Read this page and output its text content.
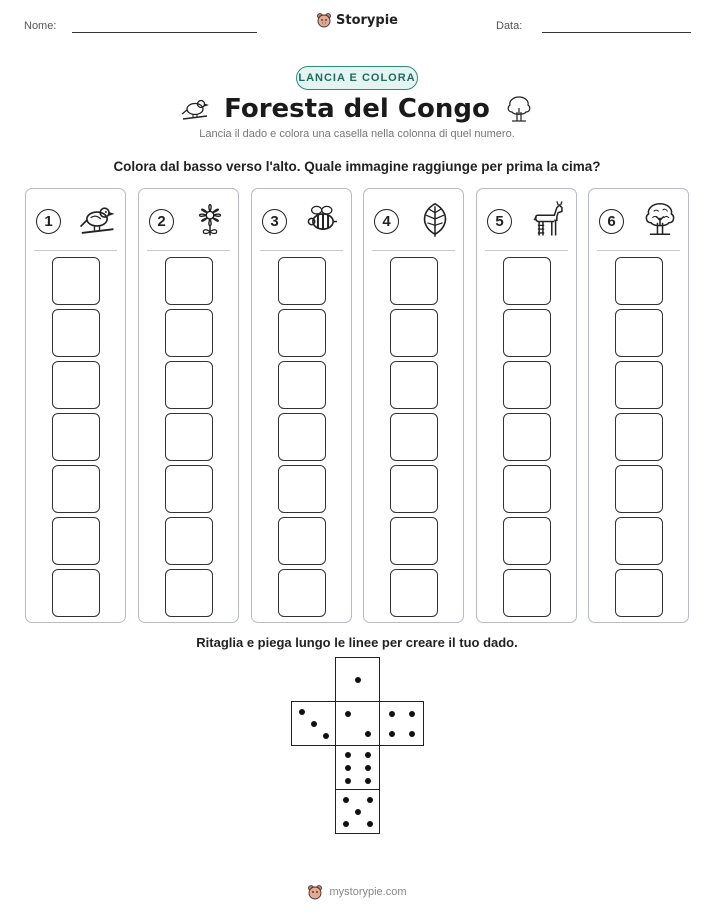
Nome:	Data:
Storypie
LANCIA E COLORA
Foresta del Congo
Lancia il dado e colora una casella nella colonna di quel numero.
Colora dal basso verso l'alto. Quale immagine raggiunge per prima la cima?
1	2	3	4	5	6
Ritaglia e piega lungo le linee per creare il tuo dado.
mystorypie.com
